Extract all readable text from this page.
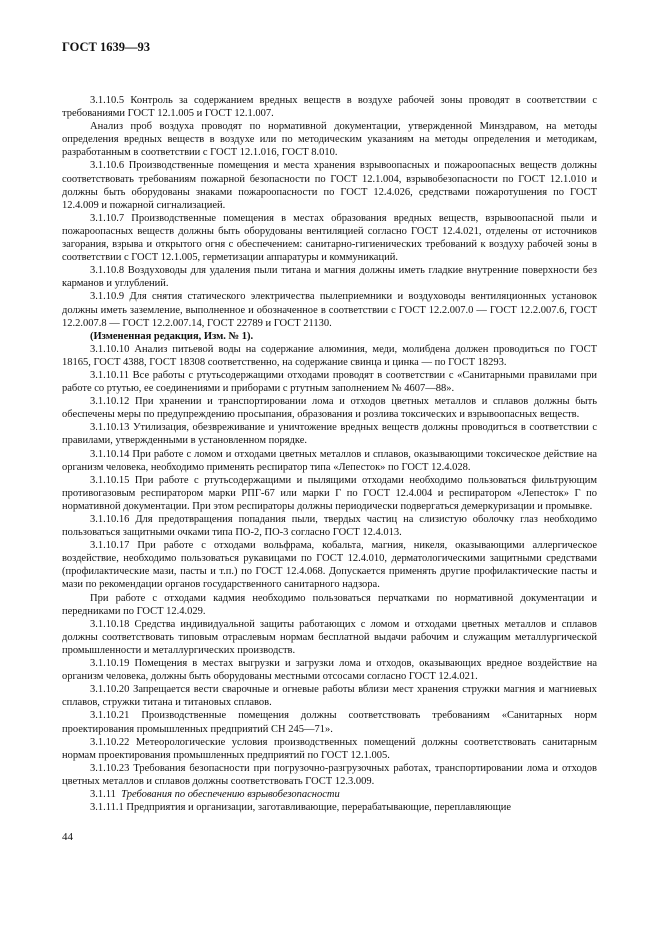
ГОСТ 1639—93

3.1.10.5 Контроль за содержанием вредных веществ в воздухе рабочей зоны проводят в соответствии с требованиями ГОСТ 12.1.005 и ГОСТ 12.1.007.

Анализ проб воздуха проводят по нормативной документации, утвержденной Минздравом, на методы определения вредных веществ в воздухе или по методическим указаниям на методы определения и методикам, разработанным в соответствии с ГОСТ 12.1.016, ГОСТ 8.010.

3.1.10.6 Производственные помещения и места хранения взрывоопасных и пожароопасных веществ должны соответствовать требованиям пожарной безопасности по ГОСТ 12.1.004, взрывобезопасности по ГОСТ 12.1.010 и должны быть оборудованы знаками пожароопасности по ГОСТ 12.4.026, средствами пожаротушения по ГОСТ 12.4.009 и пожарной сигнализацией.

3.1.10.7 Производственные помещения в местах образования вредных веществ, взрывоопасной пыли и пожароопасных веществ должны быть оборудованы вентиляцией согласно ГОСТ 12.4.021, отделены от источников загорания, взрыва и открытого огня с обеспечением: санитарно-гигиенических требований к воздуху рабочей зоны в соответствии с ГОСТ 12.1.005, герметизации аппаратуры и коммуникаций.

3.1.10.8 Воздуховоды для удаления пыли титана и магния должны иметь гладкие внутренние поверхности без карманов и углублений.

3.1.10.9 Для снятия статического электричества пылеприемники и воздуховоды вентиляционных установок должны иметь заземление, выполненное и обозначенное в соответствии с ГОСТ 12.2.007.0 — ГОСТ 12.2.007.6, ГОСТ 12.2.007.8 — ГОСТ 12.2.007.14, ГОСТ 22789 и ГОСТ 21130.

(Измененная редакция, Изм. № 1).

3.1.10.10 Анализ питьевой воды на содержание алюминия, меди, молибдена должен проводиться по ГОСТ 18165, ГОСТ 4388, ГОСТ 18308 соответственно, на содержание свинца и цинка — по ГОСТ 18293.

3.1.10.11 Все работы с ртутьсодержащими отходами проводят в соответствии с «Санитарными правилами при работе со ртутью, ее соединениями и приборами с ртутным заполнением № 4607—88».

3.1.10.12 При хранении и транспортировании лома и отходов цветных металлов и сплавов должны быть обеспечены меры по предупреждению просыпания, образования и розлива токсических и взрывоопасных веществ.

3.1.10.13 Утилизация, обезвреживание и уничтожение вредных веществ должны проводиться в соответствии с правилами, утвержденными в установленном порядке.

3.1.10.14 При работе с ломом и отходами цветных металлов и сплавов, оказывающими токсическое действие на организм человека, необходимо применять респиратор типа «Лепесток» по ГОСТ 12.4.028.

3.1.10.15 При работе с ртутьсодержащими и пылящими отходами необходимо пользоваться фильтрующим противогазовым респиратором марки РПГ-67 или марки Г по ГОСТ 12.4.004 и респиратором «Лепесток» Г по нормативной документации. При этом респираторы должны периодически подвергаться демеркуризации и промывке.

3.1.10.16 Для предотвращения попадания пыли, твердых частиц на слизистую оболочку глаз необходимо пользоваться защитными очками типа ПО-2, ПО-3 согласно ГОСТ 12.4.013.

3.1.10.17 При работе с отходами вольфрама, кобальта, магния, никеля, оказывающими аллергическое воздействие, необходимо пользоваться рукавицами по ГОСТ 12.4.010, дерматологическими защитными средствами (профилактические мази, пасты и т.п.) по ГОСТ 12.4.068. Допускается применять другие профилактические пасты и мази по рекомендации органов государственного санитарного надзора.

При работе с отходами кадмия необходимо пользоваться перчатками по нормативной документации и передниками по ГОСТ 12.4.029.

3.1.10.18 Средства индивидуальной защиты работающих с ломом и отходами цветных металлов и сплавов должны соответствовать типовым отраслевым нормам бесплатной выдачи рабочим и служащим металлургической промышленности и металлургических производств.

3.1.10.19 Помещения в местах выгрузки и загрузки лома и отходов, оказывающих вредное воздействие на организм человека, должны быть оборудованы местными отсосами согласно ГОСТ 12.4.021.

3.1.10.20 Запрещается вести сварочные и огневые работы вблизи мест хранения стружки магния и магниевых сплавов, стружки титана и титановых сплавов.

3.1.10.21 Производственные помещения должны соответствовать требованиям «Санитарных норм проектирования промышленных предприятий СН 245—71».

3.1.10.22 Метеорологические условия производственных помещений должны соответствовать санитарным нормам проектирования промышленных предприятий по ГОСТ 12.1.005.

3.1.10.23 Требования безопасности при погрузочно-разгрузочных работах, транспортировании лома и отходов цветных металлов и сплавов должны соответствовать ГОСТ 12.3.009.

3.1.11 Требования по обеспечению взрывобезопасности

3.1.11.1 Предприятия и организации, заготавливающие, перерабатывающие, переплавляющие

44
